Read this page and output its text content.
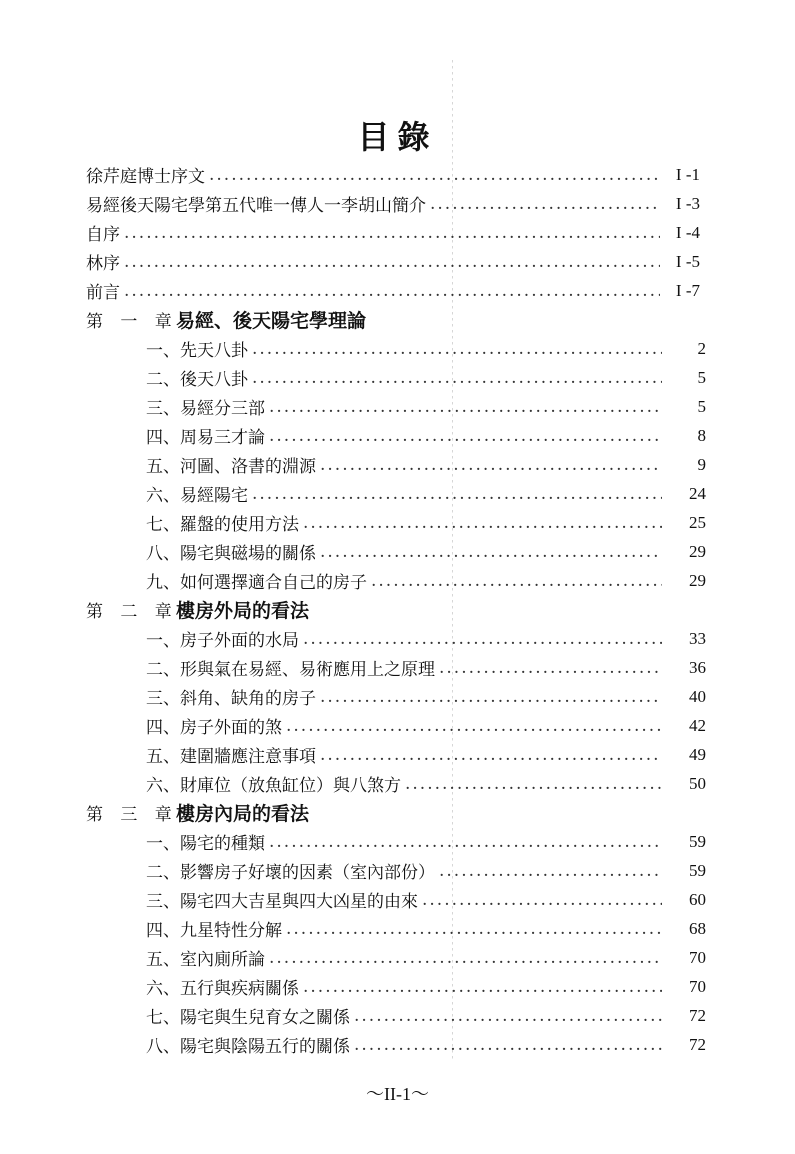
目錄
徐芹庭博士序文 .....	I -1
易經後天陽宅學第五代唯一傳人一李胡山簡介 .....	I -3
自序 .....	I -4
林序 .....	I -5
前言 .....	I -7
第 一 章：易經、後天陽宅學理論
一、先天八卦 .....	2
二、後天八卦 .....	5
三、易經分三部 .....	5
四、周易三才論 .....	8
五、河圖、洛書的淵源 .....	9
六、易經陽宅 .....	24
七、羅盤的使用方法 .....	25
八、陽宅與磁場的關係 .....	29
九、如何選擇適合自己的房子 .....	29
第 二 章：樓房外局的看法
一、房子外面的水局 .....	33
二、形與氣在易經、易術應用上之原理 .....	36
三、斜角、缺角的房子 .....	40
四、房子外面的煞 .....	42
五、建圍牆應注意事項 .....	49
六、財庫位（放魚缸位）與八煞方 .....	50
第 三 章：樓房內局的看法
一、陽宅的種類 .....	59
二、影響房子好壞的因素（室內部份） .....	59
三、陽宅四大吉星與四大凶星的由來 .....	60
四、九星特性分解 .....	68
五、室內廁所論 .....	70
六、五行與疾病關係 .....	70
七、陽宅與生兒育女之關係 .....	72
八、陽宅與陰陽五行的關係 .....	72
～II-1～
